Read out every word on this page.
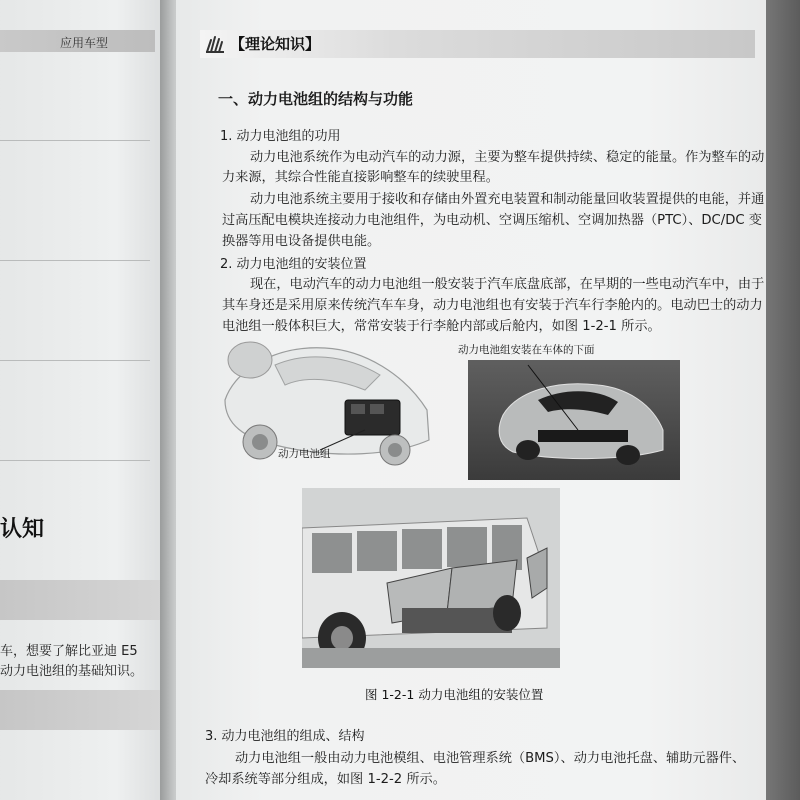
应用车型
认知
车，想要了解比亚迪 E5
动力电池组的基础知识。
【理论知识】
一、动力电池组的结构与功能
1. 动力电池组的功用
动力电池系统作为电动汽车的动力源，主要为整车提供持续、稳定的能量。作为整车的动
力来源，其综合性能直接影响整车的续驶里程。
动力电池系统主要用于接收和存储由外置充电装置和制动能量回收装置提供的电能，并通
过高压配电模块连接动力电池组件，为电动机、空调压缩机、空调加热器（PTC）、DC/DC 变
换器等用电设备提供电能。
2. 动力电池组的安装位置
现在，电动汽车的动力电池组一般安装于汽车底盘底部，在早期的一些电动汽车中，由于
其车身还是采用原来传统汽车车身，动力电池组也有安装于汽车行李舱内的。电动巴士的动力
电池组一般体积巨大，常常安装于行李舱内部或后舱内，如图 1-2-1 所示。
动力电池组
动力电池组安装在车体的下面
图 1-2-1 动力电池组的安装位置
3. 动力电池组的组成、结构
动力电池组一般由动力电池模组、电池管理系统（BMS）、动力电池托盘、辅助元器件、
冷却系统等部分组成，如图 1-2-2 所示。
